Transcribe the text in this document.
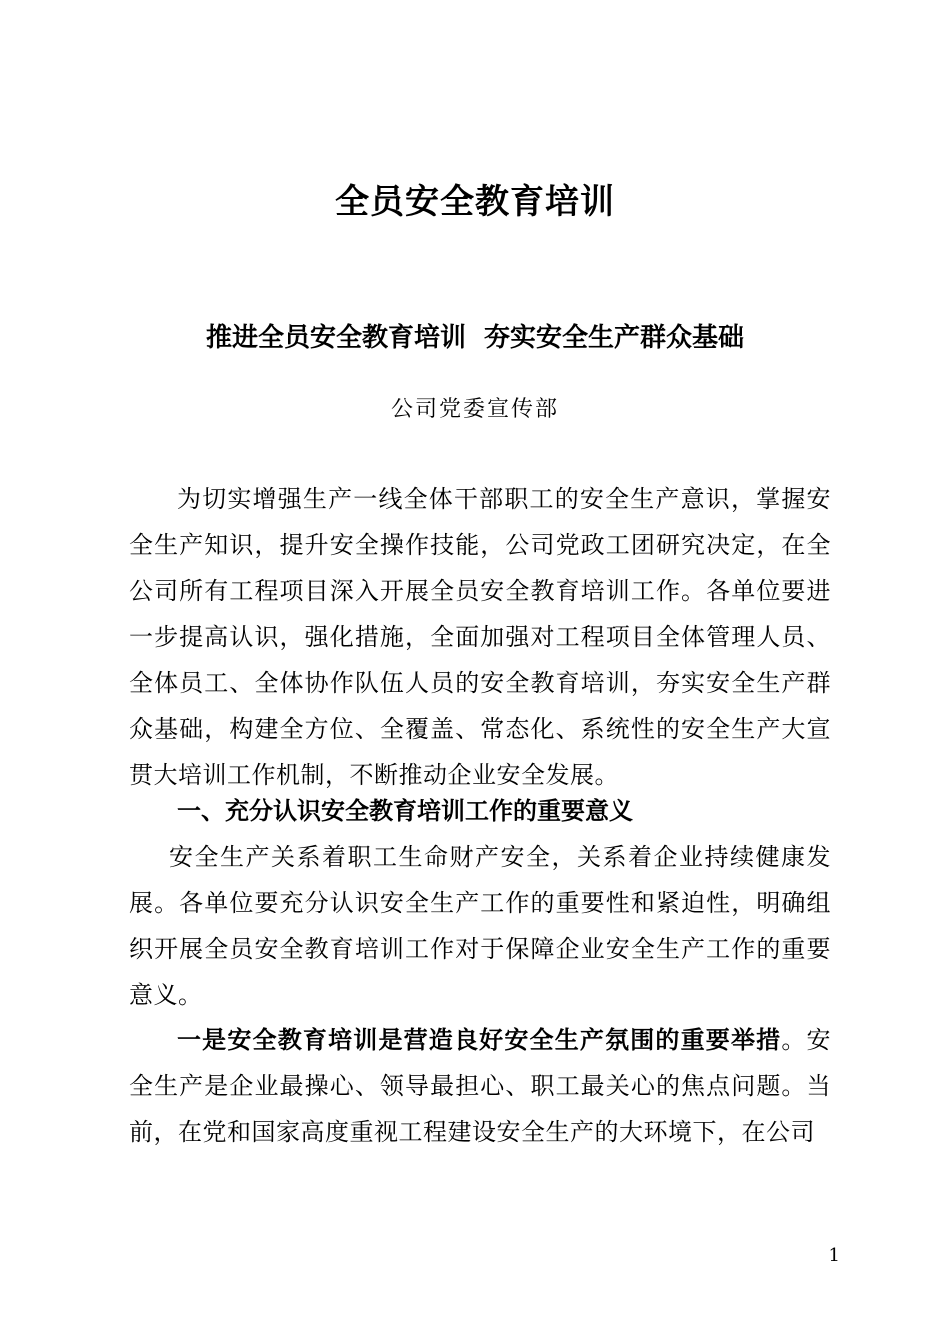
全员安全教育培训
推进全员安全教育培训  夯实安全生产群众基础
公司党委宣传部
为切实增强生产一线全体干部职工的安全生产意识，掌握安全生产知识，提升安全操作技能，公司党政工团研究决定，在全公司所有工程项目深入开展全员安全教育培训工作。各单位要进一步提高认识，强化措施，全面加强对工程项目全体管理人员、全体员工、全体协作队伍人员的安全教育培训，夯实安全生产群众基础，构建全方位、全覆盖、常态化、系统性的安全生产大宣贯大培训工作机制，不断推动企业安全发展。
一、充分认识安全教育培训工作的重要意义
安全生产关系着职工生命财产安全，关系着企业持续健康发展。各单位要充分认识安全生产工作的重要性和紧迫性，明确组织开展全员安全教育培训工作对于保障企业安全生产工作的重要意义。
一是安全教育培训是营造良好安全生产氛围的重要举措。安全生产是企业最操心、领导最担心、职工最关心的焦点问题。当前，在党和国家高度重视工程建设安全生产的大环境下，在公司
1
